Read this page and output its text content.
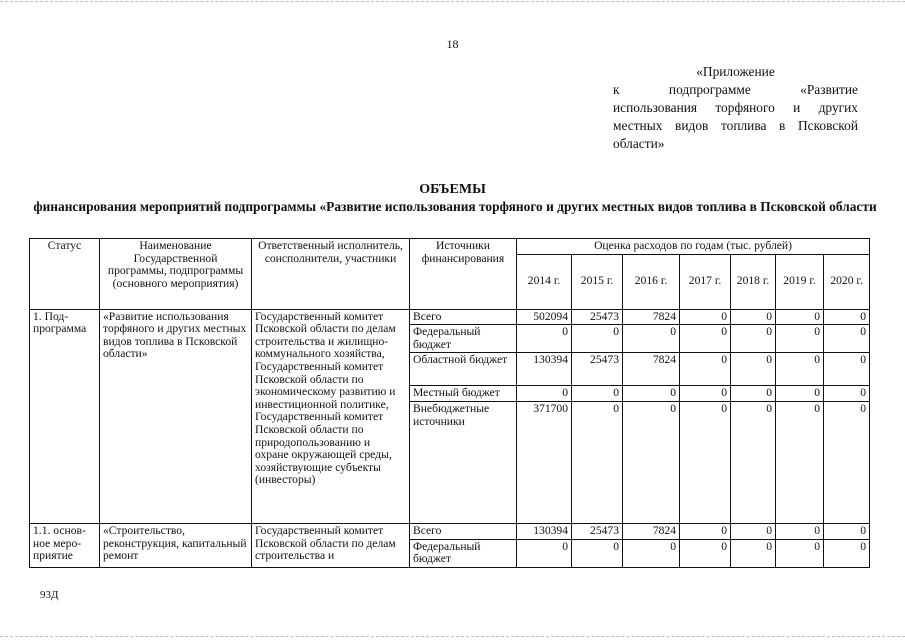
18
«Приложение
к подпрограмме «Развитие
использования торфяного и других местных видов топлива в Псковской области»
ОБЪЕМЫ
финансирования мероприятий подпрограммы «Развитие использования торфяного и других местных видов топлива в Псковской области
Статус	Наименование Государственной программы, подпрограммы (основного мероприятия)	Ответственный исполнитель, соисполнители, участники	Источники финансирования	Оценка расходов по годам (тыс. рублей)						
				2014 г.	2015 г.	2016 г.	2017 г.	2018 г.	2019 г.	2020 г.
1. Под-программа	«Развитие использования торфяного и других местных видов топлива в Псковской области»	Государственный комитет Псковской области по делам строительства и жилищно-коммунального хозяйства, Государственный комитет Псковской области по экономическому развитию и инвестиционной политике, Государственный комитет Псковской области по природопользованию и охране окружающей среды, хозяйствующие субъекты (инвесторы)	Всего	502094	25473	7824	0	0	0	0
			Федеральный бюджет	0	0	0	0	0	0	0
			Областной бюджет	130394	25473	7824	0	0	0	0
			Местный бюджет	0	0	0	0	0	0	0
			Внебюджетные источники	371700	0	0	0	0	0	0
1.1. основ-ное меро-приятие	«Строительство, реконструкция, капитальный ремонт	Государственный комитет Псковской области по делам строительства и	Всего	130394	25473	7824	0	0	0	0
			Федеральный бюджет	0	0	0	0	0	0	0
93Д
